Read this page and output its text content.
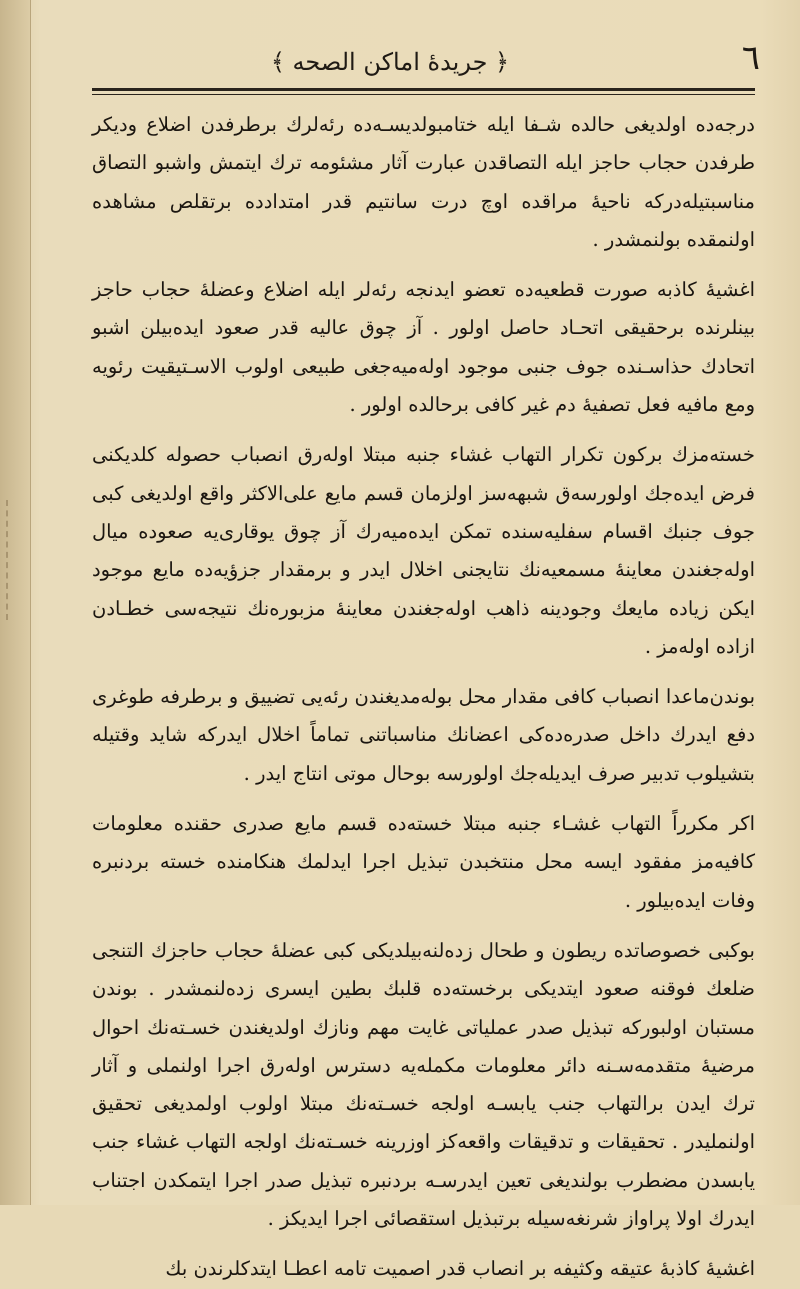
٦
﴿ جريدهٔ اماكن الصحه ﴾

درجه‌ده اولديغی حالده شـفا ايله ختامبولديسـه‌ده رئه‌لرك برطرفدن اضلاع وديكر طرفدن حجاب حاجز ايله التصاقدن عبارت آثار مشئومه ترك ايتمش واشبو التصاق مناسبتيله‌دركه ناحيهٔ مراقده اوچ درت سانتيم قدر امتدادده برتقلص مشاهده اولنمقده بولنمشدر .

اغشيهٔ كاذبه صورت قطعيه‌ده تعضو ايدنجه رئه‌لر ايله اضلاع وعضلهٔ حجاب حاجز بينلرنده برحقيقی اتحـاد حاصل اولور . آز چوق عاليه قدر صعود ايده‌بيلن اشبو اتحادك حذاسـنده جوف جنبی موجود اوله‌ميه‌جغی طبيعی اولوب الاسـتيقيت رئويه ومع مافيه فعل تصفيهٔ دم غير كافی برحالده اولور .

خسته‌مزك بركون تكرار التهاب غشاء جنبه مبتلا اوله‌رق انصباب حصوله كلديكنی فرض ايده‌جك اولورسه‌ق شبهه‌سز اولزمان قسم مايع علی‌الاكثر واقع اولديغی كبی جوف جنبك اقسام سفليه‌سنده تمكن ايده‌ميه‌رك آز چوق يوقاری‌يه صعوده ميال اوله‌جغندن معاينهٔ مسمعيه‌نك نتايجنی اخلال ايدر و برمقدار جزؤيه‌ده مايع موجود ايكن زياده مايعك وجودينه ذاهب اوله‌جغندن معاينهٔ مزبوره‌نك نتيجه‌سی خطـادن ازاده اوله‌مز .

بوندن‌ماعدا انصباب كافی مقدار محل بوله‌مديغندن رئه‌يی تضييق و برطرفه طوغری دفع ايدرك داخل صدره‌ده‌كی اعضانك مناسباتنی تماماً اخلال ايدركه شايد وقتيله بتشيلوب تدبير صرف ايديله‌جك اولورسه بوحال موتی انتاج ايدر .

اكر مكرراً التهاب غشـاء جنبه مبتلا خسته‌ده قسم مايع صدری حقنده معلومات كافيه‌مز مفقود ايسه محل منتخبدن تبذيل اجرا ايدلمك هنكامنده خسته بردنبره وفات ايده‌بيلور .

بوكبی خصوصاتده ريطون و طحال زده‌لنه‌بيلديكی كبی عضلهٔ حجاب حاجزك التنجی ضلعك فوقنه صعود ايتديكی برخسته‌ده قلبك بطين ايسری زده‌لنمشدر . بوندن مستبان اولبوركه تبذيل صدر عملياتی غايت مهم ونازك اولديغندن خسـته‌نك احوال مرضيهٔ متقدمه‌سـنه دائر معلومات مكمله‌يه دسترس اوله‌رق اجرا اولنملی و آثار ترك ايدن برالتهاب جنب يابسـه اولجه خسـته‌نك مبتلا اولوب اولمديغی تحقيق اولنملیدر . تحقيقات و تدقيقات واقعه‌كز اوزرينه خسـته‌نك اولجه التهاب غشاء جنب يابسدن مضطرب بولنديغی تعين ايدرسـه بردنبره تبذيل صدر اجرا ايتمكدن اجتناب ايدرك اولا پراواز شرنغه‌سيله برتبذيل استقصائی اجرا ايديكز .

اغشيهٔ كاذبهٔ عتيقه وكثيفه بر انصاب قدر اصميت تامه اعطـا ايتدكلرندن بك
